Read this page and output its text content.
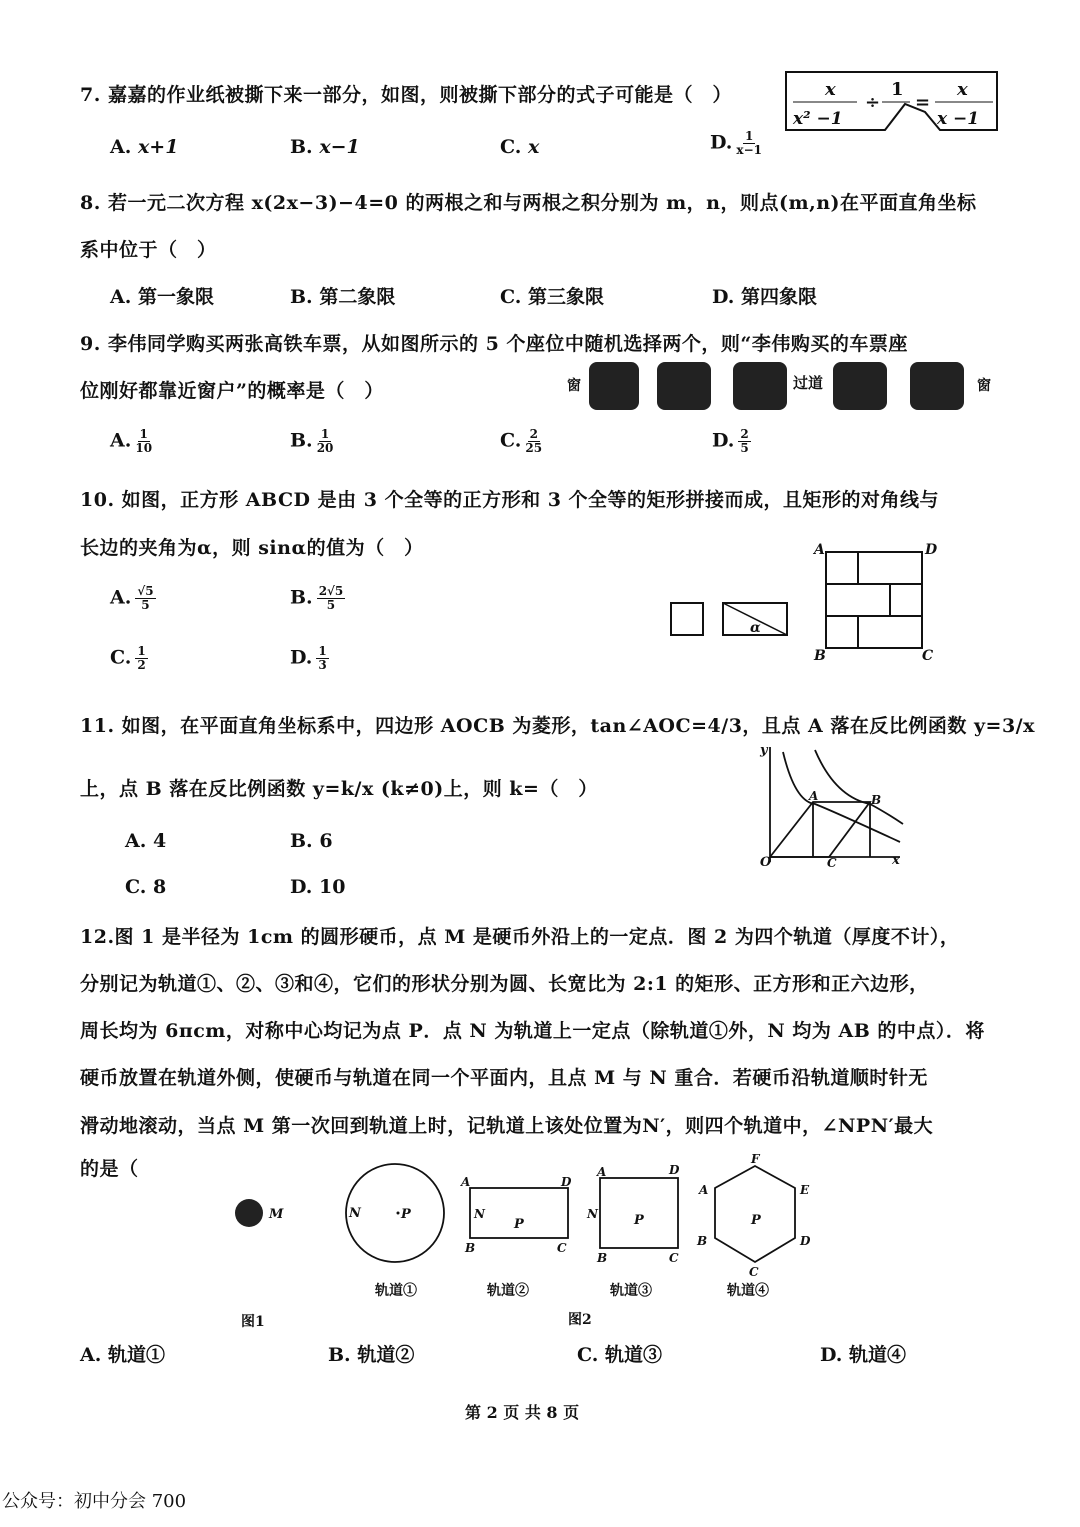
7. 嘉嘉的作业纸被撕下来一部分，如图，则被撕下部分的式子可能是（　）	x
x² −1
÷
1
=
x
x −1
A. x+1	B. x−1	C. x	D. $\frac{1}{x-1}$
8. 若一元二次方程 x(2x−3)−4=0 的两根之和与两根之积分别为 m，n，则点(m,n)在平面直角坐标
系中位于（　）
A. 第一象限	B. 第二象限	C. 第三象限	D. 第四象限
9. 李伟同学购买两张高铁车票，从如图所示的 5 个座位中随机选择两个，则“李伟购买的车票座
位刚好都靠近窗户”的概率是（　）	窗	过道	窗
A. $\frac{1}{10}$	B. $\frac{1}{20}$	C. $\frac{2}{25}$	D. $\frac{2}{5}$
10. 如图，正方形 ABCD 是由 3 个全等的正方形和 3 个全等的矩形拼接而成，且矩形的对角线与
长边的夹角为α，则 sinα的值为（　）
α
A	D
B	C
A. $\frac{√5}{5}$	B. $\frac{2√5}{5}$
C. $\frac{1}{2}$	D. $\frac{1}{3}$
11. 如图，在平面直角坐标系中，四边形 AOCB 为菱形，tan∠AOC=4/3，且点 A 落在反比例函数 y=3/x
上，点 B 落在反比例函数 y=k/x (k≠0)上，则 k=（　）
y
x
O
A	B
C
A. 4	B. 6
C. 8	D. 10
12.图 1 是半径为 1cm 的圆形硬币，点 M 是硬币外沿上的一定点．图 2 为四个轨道（厚度不计），
分别记为轨道①、②、③和④，它们的形状分别为圆、长宽比为 2:1 的矩形、正方形和正六边形，
周长均为 6πcm，对称中心均记为点 P．点 N 为轨道上一定点（除轨道①外，N 均为 AB 的中点）．将
硬币放置在轨道外侧，使硬币与轨道在同一个平面内，且点 M 与 N 重合．若硬币沿轨道顺时针无
滑动地滚动，当点 M 第一次回到轨道上时，记轨道上该处位置为N′，则四个轨道中，∠NPN′最大
的是（
M	N	P
A	D
B	C
N
P
A	D
B	C
N	P
F
E
D
C
B
A
P
轨道①	轨道②	轨道③	轨道④
图1	图2
A. 轨道①	B. 轨道②	C. 轨道③	D. 轨道④
第 2 页 共 8 页
公众号：初中分会 700
